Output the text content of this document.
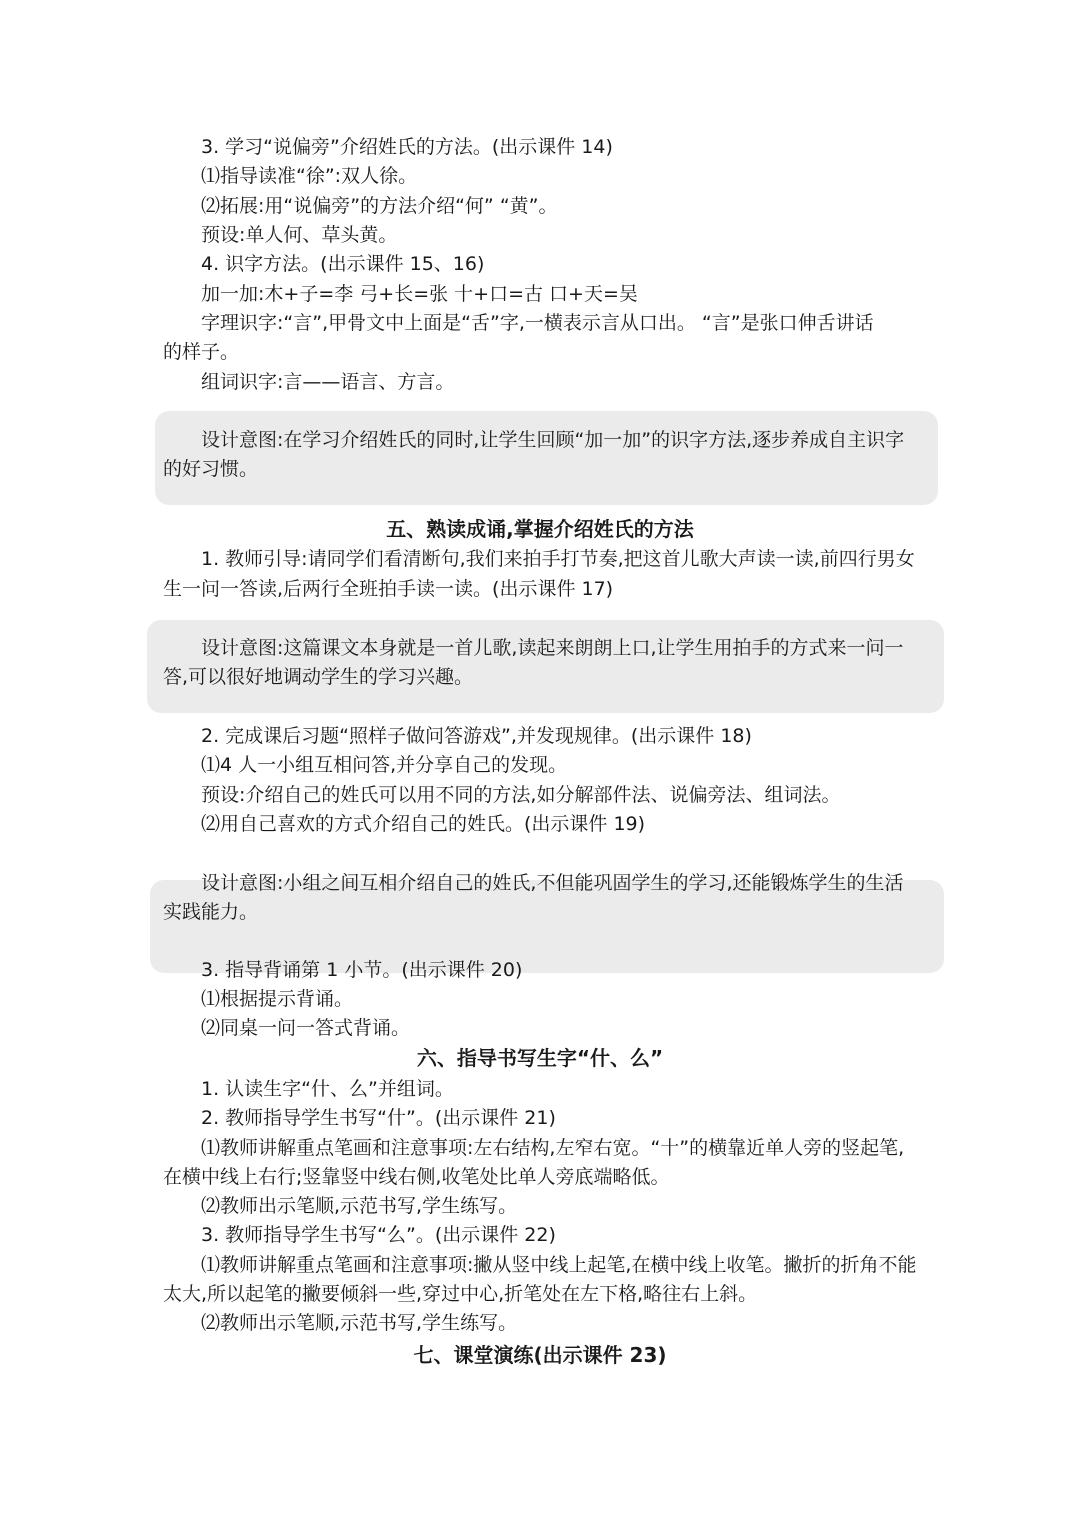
3. 学习“说偏旁”介绍姓氏的方法。(出示课件 14)
⑴指导读准“徐”:双人徐。
⑵拓展:用“说偏旁”的方法介绍“何” “黄”。
预设:单人何、草头黄。
4. 识字方法。(出示课件 15、16)
加一加:木+子=李 弓+长=张 十+口=古 口+天=吴
字理识字:“言”,甲骨文中上面是“舌”字,一横表示言从口出。 “言”是张口伸舌讲话
的样子。
组词识字:言——语言、方言。
设计意图:在学习介绍姓氏的同时,让学生回顾“加一加”的识字方法,逐步养成自主识字
的好习惯。
五、熟读成诵,掌握介绍姓氏的方法
1. 教师引导:请同学们看清断句,我们来拍手打节奏,把这首儿歌大声读一读,前四行男女
生一问一答读,后两行全班拍手读一读。(出示课件 17)
设计意图:这篇课文本身就是一首儿歌,读起来朗朗上口,让学生用拍手的方式来一问一
答,可以很好地调动学生的学习兴趣。
2. 完成课后习题“照样子做问答游戏”,并发现规律。(出示课件 18)
⑴4 人一小组互相问答,并分享自己的发现。
预设:介绍自己的姓氏可以用不同的方法,如分解部件法、说偏旁法、组词法。
⑵用自己喜欢的方式介绍自己的姓氏。(出示课件 19)
设计意图:小组之间互相介绍自己的姓氏,不但能巩固学生的学习,还能锻炼学生的生活
实践能力。
3. 指导背诵第 1 小节。(出示课件 20)
⑴根据提示背诵。
⑵同桌一问一答式背诵。
六、指导书写生字“什、么”
1. 认读生字“什、么”并组词。
2. 教师指导学生书写“什”。(出示课件 21)
⑴教师讲解重点笔画和注意事项:左右结构,左窄右宽。“十”的横靠近单人旁的竖起笔,
在横中线上右行;竖靠竖中线右侧,收笔处比单人旁底端略低。
⑵教师出示笔顺,示范书写,学生练写。
3. 教师指导学生书写“么”。(出示课件 22)
⑴教师讲解重点笔画和注意事项:撇从竖中线上起笔,在横中线上收笔。撇折的折角不能
太大,所以起笔的撇要倾斜一些,穿过中心,折笔处在左下格,略往右上斜。
⑵教师出示笔顺,示范书写,学生练写。
七、课堂演练(出示课件 23)
